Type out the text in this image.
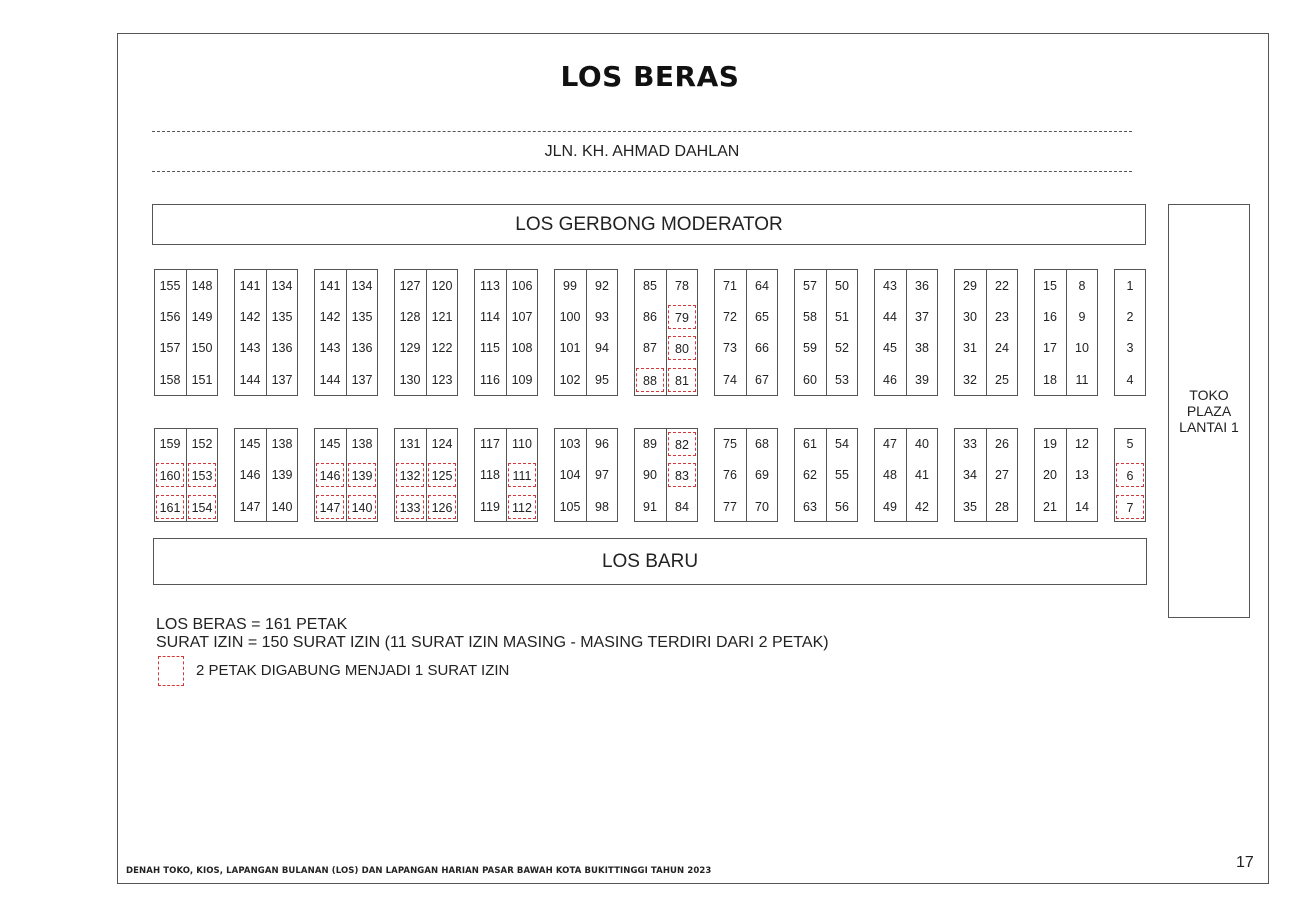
LOS BERAS
JLN. KH. AHMAD DAHLAN
LOS GERBONG MODERATOR
TOKO
PLAZA
LANTAI 1
155 148
156 149
157 150
158 151
141 134
142 135
143 136
144 137
141 134
142 135
143 136
144 137
127 120
128 121
129 122
130 123
113 106
114 107
115 108
116 109
99	92
100	93
101	94
102	95
85	78
86	79
87	80
88	81
71	64
72	65
73	66
74	67
57	50
58	51
59	52
60	53
43	36
44	37
45	38
46	39
29	22
30	23
31	24
32	25
15	8
16	9
17	10
18	11
1
2
3
4
159 152
160 153
161 154
145 138
146 139
147 140
145 138
146 139
147 140
131 124
132 125
133 126
117 110
118	111
119 112
103	96
104	97
105	98
89	82
90	83
91	84
75	68
76	69
77	70
61	54
62	55
63	56
47	40
48	41
49	42
33	26
34	27
35	28
19	12
20	13
21	14
5
6
7
LOS BARU
LOS BERAS = 161 PETAK
SURAT IZIN = 150 SURAT IZIN (11 SURAT IZIN MASING - MASING TERDIRI DARI 2 PETAK)
2 PETAK DIGABUNG MENJADI 1 SURAT IZIN
DENAH TOKO, KIOS, LAPANGAN BULANAN (LOS) DAN LAPANGAN HARIAN PASAR BAWAH KOTA BUKITTINGGI TAHUN 2023	17
